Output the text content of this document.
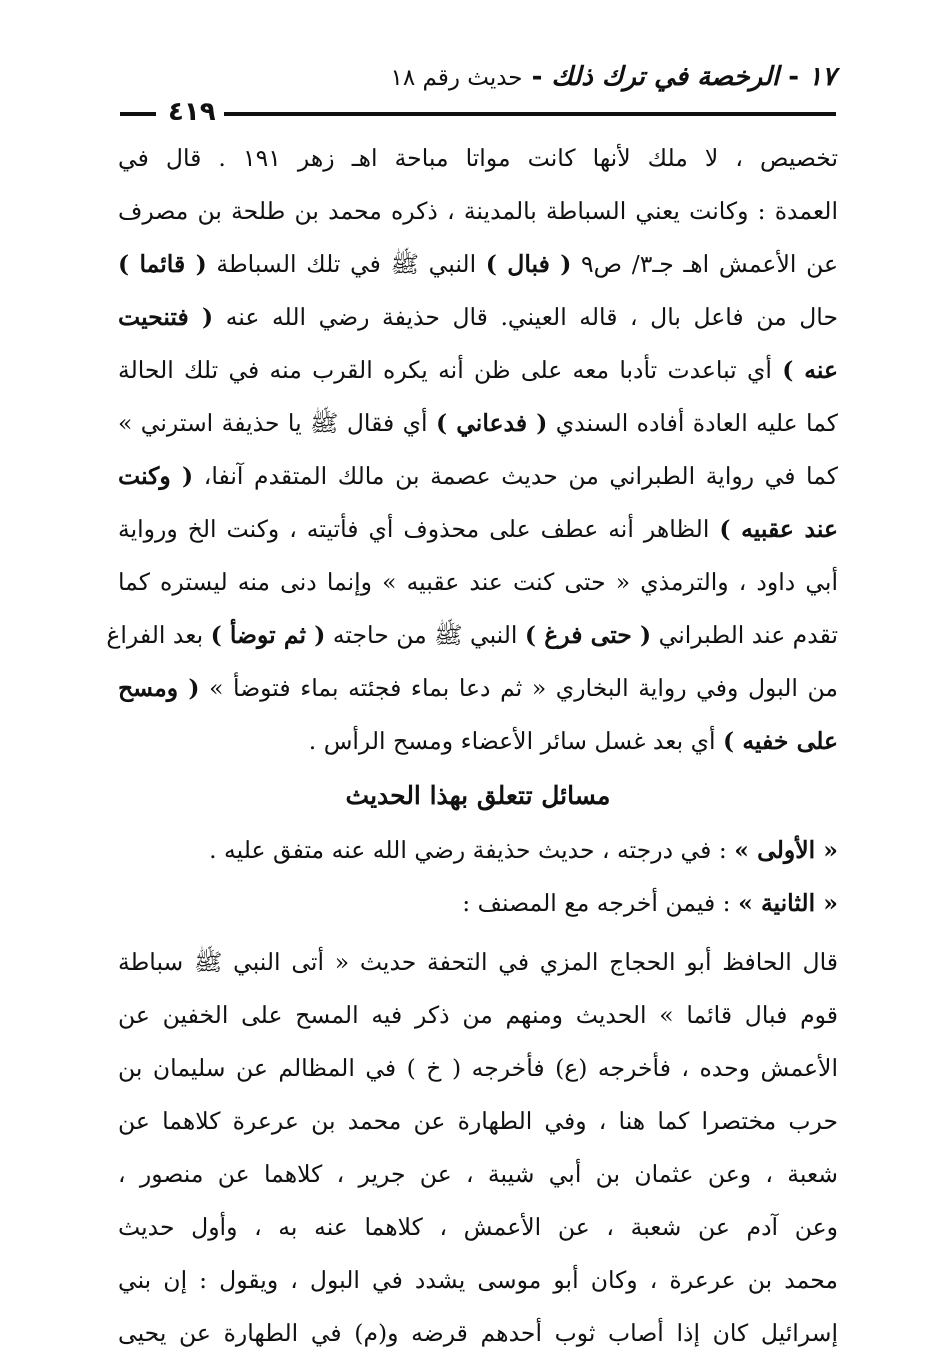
١٧ - الرخصة في ترك ذلك - حديث رقم ١٨
٤١٩
تخصيص ، لا ملك لأنها كانت مواتا مباحة اهـ زهر ١٩١ . قال في
العمدة : وكانت يعني السباطة بالمدينة ، ذكره محمد بن طلحة بن مصرف
عن الأعمش اهـ جـ٣/ ص٩ ( فبال ) النبي ﷺ في تلك السباطة ( قائما )
حال من فاعل بال ، قاله العيني. قال حذيفة رضي الله عنه ( فتنحيت
عنه ) أي تباعدت تأدبا معه على ظن أنه يكره القرب منه في تلك الحالة
كما عليه العادة أفاده السندي ( فدعاني ) أي فقال ﷺ يا حذيفة استرني »
كما في رواية الطبراني من حديث عصمة بن مالك المتقدم آنفا، ( وكنت
عند عقبيه ) الظاهر أنه عطف على محذوف أي فأتيته ، وكنت الخ ورواية
أبي داود ، والترمذي « حتى كنت عند عقبيه » وإنما دنى منه ليستره كما
تقدم عند الطبراني ( حتى فرغ ) النبي ﷺ من حاجته ( ثم توضأ ) بعد الفراغ
من البول وفي رواية البخاري « ثم دعا بماء فجئته بماء فتوضأ » ( ومسح
على خفيه ) أي بعد غسل سائر الأعضاء ومسح الرأس .
مسائل تتعلق بهذا الحديث
« الأولى » : في درجته ، حديث حذيفة رضي الله عنه متفق عليه .
« الثانية » : فيمن أخرجه مع المصنف :
قال الحافظ أبو الحجاج المزي في التحفة حديث « أتى النبي ﷺ سباطة
قوم فبال قائما » الحديث ومنهم من ذكر فيه المسح على الخفين عن
الأعمش وحده ، فأخرجه (ع) فأخرجه ( خ ) في المظالم عن سليمان بن
حرب مختصرا كما هنا ، وفي الطهارة عن محمد بن عرعرة كلاهما عن
شعبة ، وعن عثمان بن أبي شيبة ، عن جرير ، كلاهما عن منصور ،
وعن آدم عن شعبة ، عن الأعمش ، كلاهما عنه به ، وأول حديث
محمد بن عرعرة ، وكان أبو موسى يشدد في البول ، ويقول : إن بني
إسرائيل كان إذا أصاب ثوب أحدهم قرضه و(م) في الطهارة عن يحيى
